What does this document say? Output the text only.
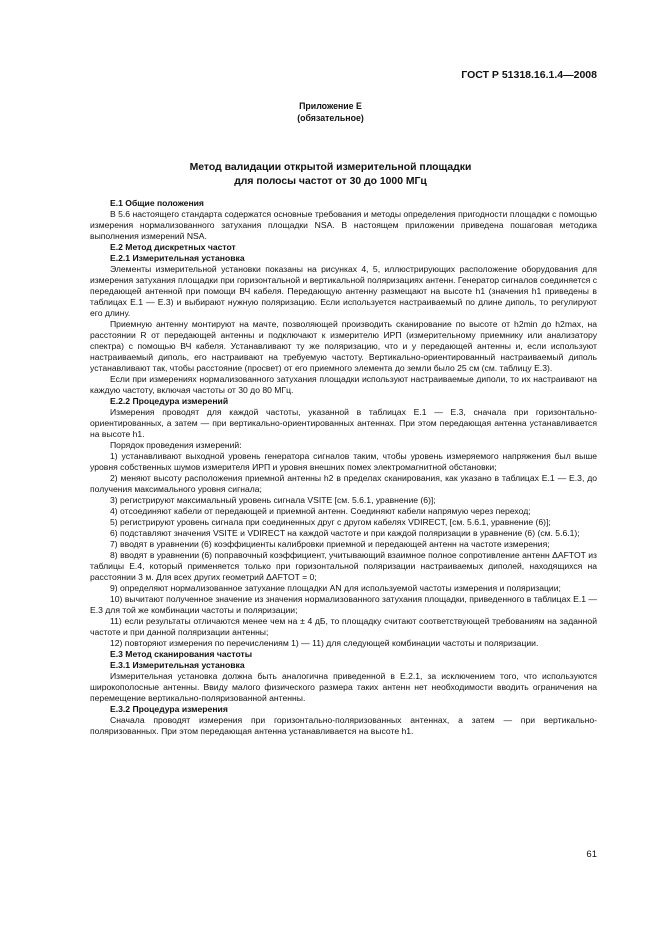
ГОСТ Р 51318.16.1.4—2008
Приложение Е
(обязательное)
Метод валидации открытой измерительной площадки
для полосы частот от 30 до 1000 МГц

Е.1 Общие положения

В 5.6 настоящего стандарта содержатся основные требования и методы определения пригодности площадки с помощью измерения нормализованного затухания площадки NSA. В настоящем приложении приведена пошаговая методика выполнения измерений NSA.

Е.2 Метод дискретных частот

Е.2.1 Измерительная установка

Элементы измерительной установки показаны на рисунках 4, 5, иллюстрирующих расположение оборудования для измерения затухания площадки при горизонтальной и вертикальной поляризациях антенн. Генератор сигналов соединяется с передающей антенной при помощи ВЧ кабеля. Передающую антенну размещают на высоте h1 (значения h1 приведены в таблицах Е.1 — Е.3) и выбирают нужную поляризацию. Если используется настраиваемый по длине диполь, то регулируют его длину.

Приемную антенну монтируют на мачте, позволяющей производить сканирование по высоте от h2min до h2max, на расстоянии R от передающей антенны и подключают к измерителю ИРП (измерительному приемнику или анализатору спектра) с помощью ВЧ кабеля. Устанавливают ту же поляризацию, что и у передающей антенны и, если используют настраиваемый диполь, его настраивают на требуемую частоту. Вертикально-ориентированный настраиваемый диполь устанавливают так, чтобы расстояние (просвет) от его приемного элемента до земли было 25 см (см. таблицу Е.3).

Если при измерениях нормализованного затухания площадки используют настраиваемые диполи, то их настраивают на каждую частоту, включая частоты от 30 до 80 МГц.

Е.2.2 Процедура измерений

Измерения проводят для каждой частоты, указанной в таблицах Е.1 — Е.3, сначала при горизонтально-ориентированных, а затем — при вертикально-ориентированных антеннах. При этом передающая антенна устанавливается на высоте h1.

Порядок проведения измерений:

1) устанавливают выходной уровень генератора сигналов таким, чтобы уровень измеряемого напряжения был выше уровня собственных шумов измерителя ИРП и уровня внешних помех электромагнитной обстановки;

2) меняют высоту расположения приемной антенны h2 в пределах сканирования, как указано в таблицах Е.1 — Е.3, до получения максимального уровня сигнала;

3) регистрируют максимальный уровень сигнала VSITE [см. 5.6.1, уравнение (6)];

4) отсоединяют кабели от передающей и приемной антенн. Соединяют кабели напрямую через переход;

5) регистрируют уровень сигнала при соединенных друг с другом кабелях VDIRECT, [см. 5.6.1, уравнение (6)];

6) подставляют значения VSITE и VDIRECT на каждой частоте и при каждой поляризации в уравнение (6) (см. 5.6.1);

7) вводят в уравнении (6) коэффициенты калибровки приемной и передающей антенн на частоте измерения;

8) вводят в уравнении (6) поправочный коэффициент, учитывающий взаимное полное сопротивление антенн ΔAFTOT из таблицы Е.4, который применяется только при горизонтальной поляризации настраиваемых диполей, находящихся на расстоянии 3 м. Для всех других геометрий ΔAFTOT = 0;

9) определяют нормализованное затухание площадки AN для используемой частоты измерения и поляризации;

10) вычитают полученное значение из значения нормализованного затухания площадки, приведенного в таблицах Е.1 — Е.3 для той же комбинации частоты и поляризации;

11) если результаты отличаются менее чем на ± 4 дБ, то площадку считают соответствующей требованиям на заданной частоте и при данной поляризации антенны;

12) повторяют измерения по перечислениям 1) — 11) для следующей комбинации частоты и поляризации.

Е.3 Метод сканирования частоты

Е.3.1 Измерительная установка

Измерительная установка должна быть аналогична приведенной в Е.2.1, за исключением того, что используются широкополосные антенны. Ввиду малого физического размера таких антенн нет необходимости вводить ограничения на перемещение вертикально-поляризованной антенны.

Е.3.2 Процедура измерения

Сначала проводят измерения при горизонтально-поляризованных антеннах, а затем — при вертикально-поляризованных. При этом передающая антенна устанавливается на высоте h1.

61
